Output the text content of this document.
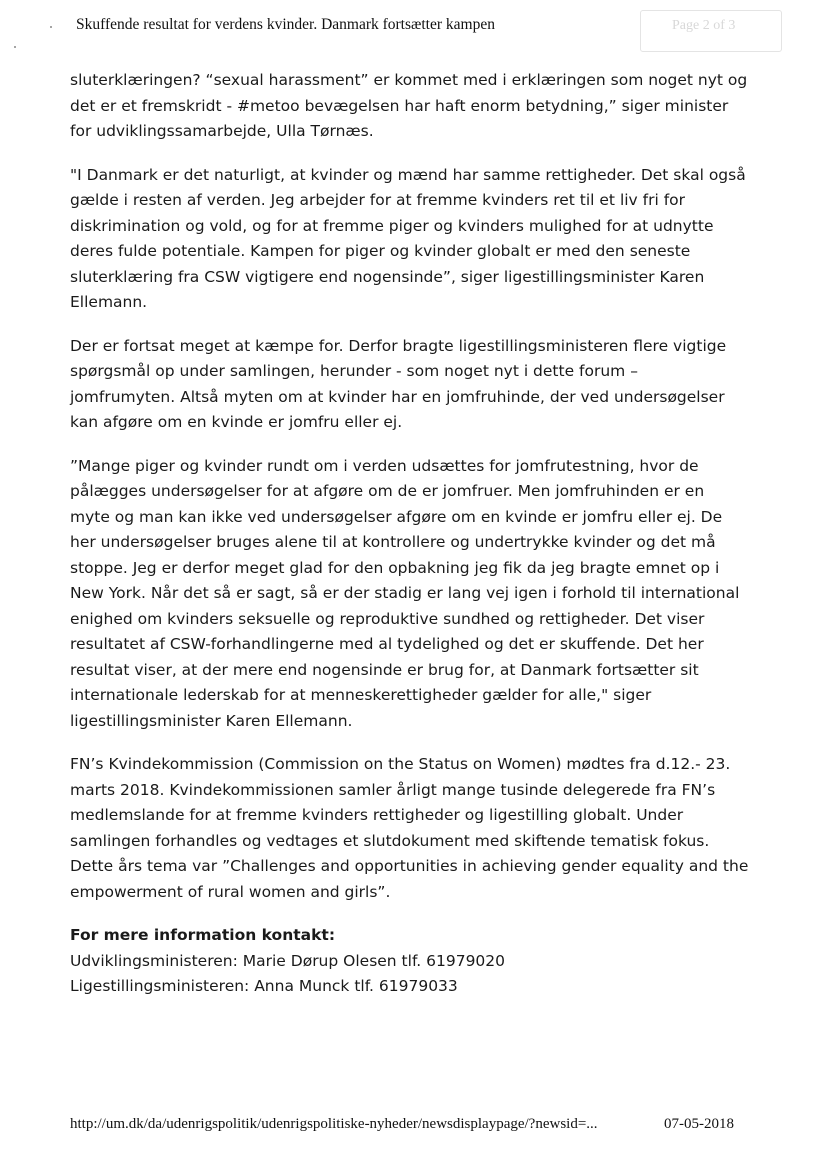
Skuffende resultat for verdens kvinder. Danmark fortsætter kampen	Page 2 of 3

sluterklæringen? “sexual harassment” er kommet med i erklæringen som noget nyt og
det er et fremskridt - #metoo bevægelsen har haft enorm betydning,” siger minister
for udviklingssamarbejde, Ulla Tørnæs.

"I Danmark er det naturligt, at kvinder og mænd har samme rettigheder. Det skal også
gælde i resten af verden. Jeg arbejder for at fremme kvinders ret til et liv fri for
diskrimination og vold, og for at fremme piger og kvinders mulighed for at udnytte
deres fulde potentiale. Kampen for piger og kvinder globalt er med den seneste
sluterklæring fra CSW vigtigere end nogensinde”, siger ligestillingsminister Karen
Ellemann.

Der er fortsat meget at kæmpe for. Derfor bragte ligestillingsministeren flere vigtige
spørgsmål op under samlingen, herunder - som noget nyt i dette forum –
jomfrumyten. Altså myten om at kvinder har en jomfruhinde, der ved undersøgelser
kan afgøre om en kvinde er jomfru eller ej.

”Mange piger og kvinder rundt om i verden udsættes for jomfrutestning, hvor de
pålægges undersøgelser for at afgøre om de er jomfruer. Men jomfruhinden er en
myte og man kan ikke ved undersøgelser afgøre om en kvinde er jomfru eller ej. De
her undersøgelser bruges alene til at kontrollere og undertrykke kvinder og det må
stoppe. Jeg er derfor meget glad for den opbakning jeg fik da jeg bragte emnet op i
New York. Når det så er sagt, så er der stadig er lang vej igen i forhold til international
enighed om kvinders seksuelle og reproduktive sundhed og rettigheder. Det viser
resultatet af CSW-forhandlingerne med al tydelighed og det er skuffende. Det her
resultat viser, at der mere end nogensinde er brug for, at Danmark fortsætter sit
internationale lederskab for at menneskerettigheder gælder for alle," siger
ligestillingsminister Karen Ellemann.

FN’s Kvindekommission (Commission on the Status on Women) mødtes fra d.12.- 23.
marts 2018. Kvindekommissionen samler årligt mange tusinde delegerede fra FN’s
medlemslande for at fremme kvinders rettigheder og ligestilling globalt. Under
samlingen forhandles og vedtages et slutdokument med skiftende tematisk fokus.
Dette års tema var ”Challenges and opportunities in achieving gender equality and the
empowerment of rural women and girls”.

For mere information kontakt:
Udviklingsministeren: Marie Dørup Olesen tlf. 61979020
Ligestillingsministeren: Anna Munck tlf. 61979033
http://um.dk/da/udenrigspolitik/udenrigspolitiske-nyheder/newsdisplaypage/?newsid=...	07-05-2018
